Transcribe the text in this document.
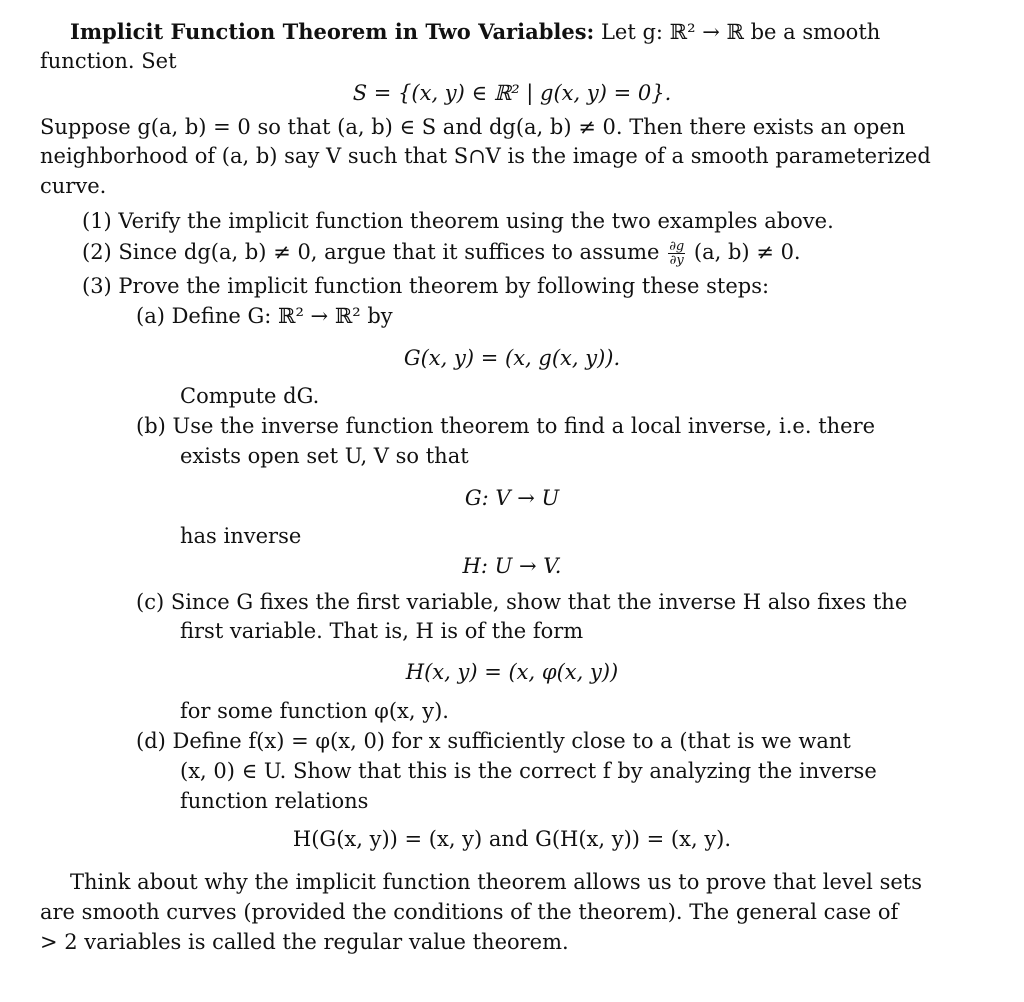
Implicit Function Theorem in Two Variables: Let g: ℝ² → ℝ be a smooth
function. Set
S = {(x, y) ∈ ℝ² | g(x, y) = 0}.
Suppose g(a, b) = 0 so that (a, b) ∈ S and dg(a, b) ≠ 0. Then there exists an open
neighborhood of (a, b) say V such that S∩V is the image of a smooth parameterized
curve.
(1) Verify the implicit function theorem using the two examples above.
(2) Since dg(a, b) ≠ 0, argue that it suffices to assume $\frac{\partial g}{\partial y} (a$, b) ≠ 0.
(3) Prove the implicit function theorem by following these steps:
(a) Define G: ℝ² → ℝ² by
G(x, y) = (x, g(x, y)).
Compute dG.
(b) Use the inverse function theorem to find a local inverse, i.e. there
exists open set U, V so that
G: V → U
has inverse
H: U → V.
(c) Since G fixes the first variable, show that the inverse H also fixes the
first variable. That is, H is of the form
H(x, y) = (x, φ(x, y))
for some function φ(x, y).
(d) Define f(x) = φ(x, 0) for x sufficiently close to a (that is we want
(x, 0) ∈ U. Show that this is the correct f by analyzing the inverse
function relations
H(G(x, y)) = (x, y) and G(H(x, y)) = (x, y).
Think about why the implicit function theorem allows us to prove that level sets
are smooth curves (provided the conditions of the theorem). The general case of
> 2 variables is called the regular value theorem.
